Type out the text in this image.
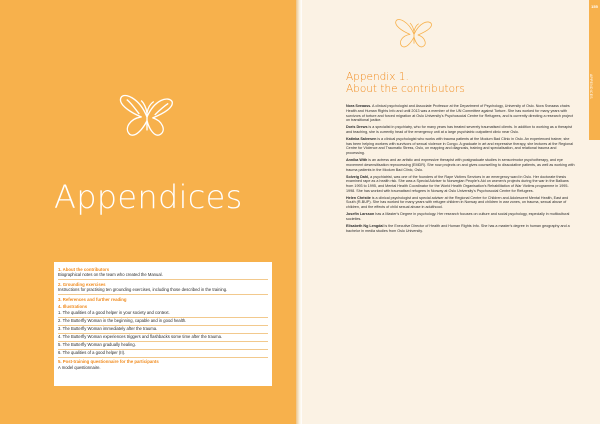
Appendices
1. About the contributors
Biographical notes on the team who created the Manual.
2. Grounding exercises
Instructions for practising ten grounding exercises, including those described in the training.
3. References and further reading
4. Illustrations
1. The qualities of a good helper in your society and context.
2. The Butterfly Woman in the beginning, capable and in good health.
3. The Butterfly Woman immediately after the trauma.
4. The Butterfly Woman experiences triggers and flashbacks some time after the trauma.
5. The Butterfly Woman gradually healing.
6. The qualities of a good helper (II).
5. Post-training questionnaire for the participants
A model questionnaire.
155
APPENDICES
Appendix 1.
About the contributors

Nora Sveaass. A clinical psychologist and Associate Professor at the Department of Psychology, University of Oslo. Nora Sveaass chairs Health and Human Rights Info and until 2013 was a member of the UN Committee against Torture. She has worked for many years with survivors of torture and forced migration at Oslo University's Psychosocial Centre for Refugees, and is currently directing a research project on transitional justice.

Doris Drews is a specialist in psychiatry, who for many years has treated severely traumatised clients. In addition to working as a therapist and teaching, she is currently head of the emergency unit at a large psychiatric outpatient clinic near Oslo.

Katinka Salvesen is a clinical psychologist who works with trauma patients at the Modum Bad Clinic in Oslo. An experienced trainer, she has been helping workers with survivors of sexual violence in Congo. A graduate in art and expressive therapy, she lectures at the Regional Centre for Violence and Traumatic Stress, Oslo, on mapping and diagnosis, training and specialisation, and relational trauma and processing.

Annika With is an actress and an artistic and expressive therapist with postgraduate studies in sensorimotor psychotherapy, and eye movement desensitisation reprocessing (EMDR). She now projects on and gives counselling to dissociative patients, as well as working with trauma patients in the Modum Bad Clinic, Oslo.

Solveig Dahl, a psychiatrist, was one of the founders of the Rape Victims Services in an emergency ward in Oslo. Her doctorate thesis examined rape as a health risk. She was a Special Adviser to Norwegian People's Aid on women's projects during the war in the Balkans from 1993 to 1995, and Mental Health Coordinator for the World Health Organisation's Rehabilitation of War Victims programme in 1995-1998. She has worked with traumatised refugees in Norway at Oslo University's Psychosocial Centre for Refugees.

Helen Christie is a clinical psychologist and special adviser at the Regional Centre for Children and Adolescent Mental Health, East and South (R-BUP). She has worked for many years with refugee children in Norway and children in war zones, on trauma, sexual abuse of children, and the effects of child sexual abuse in adulthood.

Josefin Larsson has a Master's Degree in psychology. Her research focuses on culture and social psychology, especially in multicultural societies.

Elisabeth Ng Lengdal is the Executive Director of Health and Human Rights Info. She has a master's degree in human geography and a bachelor in media studies from Oslo University.
